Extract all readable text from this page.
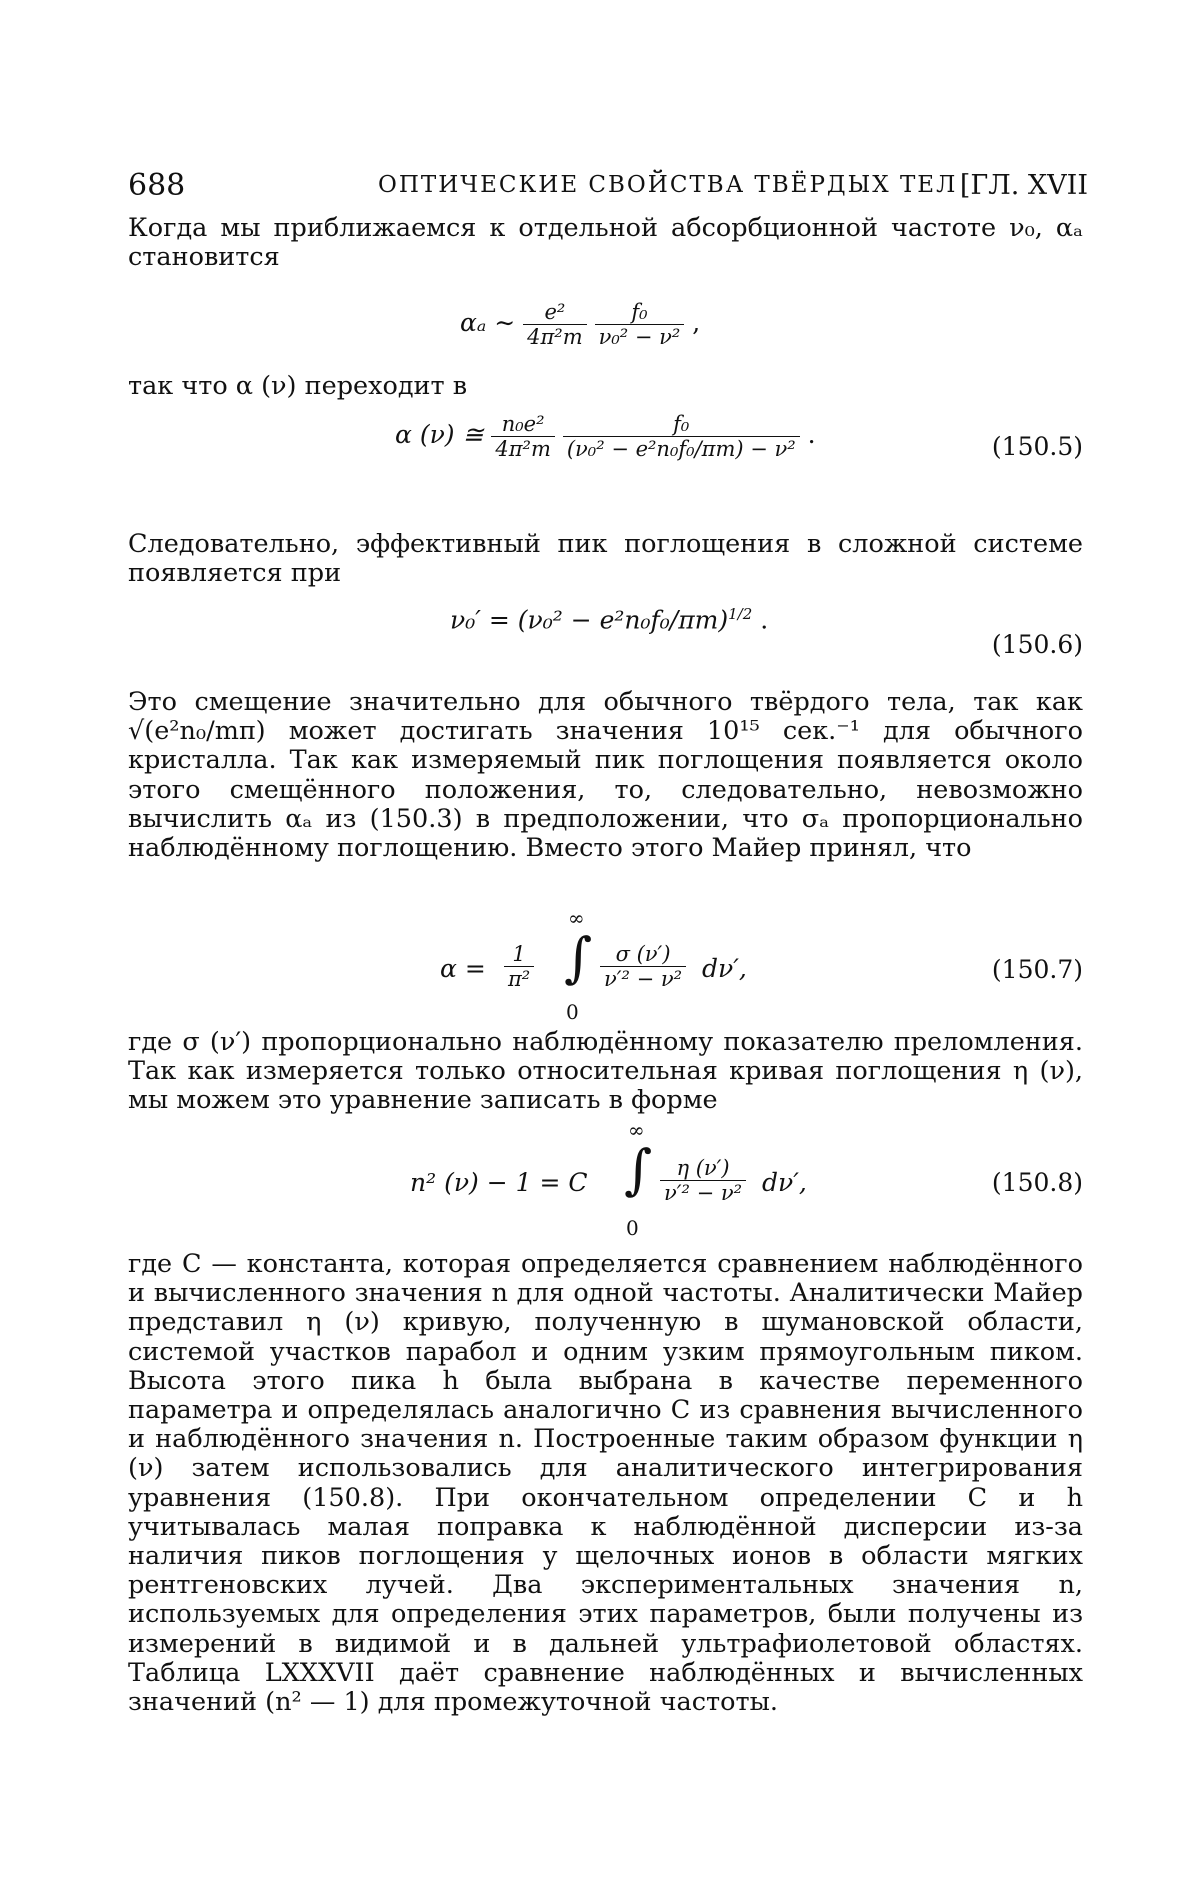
688	ОПТИЧЕСКИЕ СВОЙСТВА ТВЁРДЫХ ТЕЛ [ГЛ. XVII

Когда мы приближаемся к отдельной абсорбционной частоте ν₀, αₐ становится

αₐ ∼ $\frac{\text{e²}}{\text{4π²m}}$
$\frac{\text{f₀}}{\text{ν₀² − ν²}}$ ,

так что α (ν) переходит в

α (ν) ≅ $\frac{\text{n₀e²}}{\text{4π²m}}$
$\frac{\text{f₀}}{\text{(ν₀² − e²n₀f₀/πm) − ν²}}$ .	(150.5)

Следовательно, эффективный пик поглощения в сложной системе появляется при

ν₀′ = (ν₀² − e²n₀f₀/$\pi m)^{1/2}$ .
(150.6)

Это смещение значительно для обычного твёрдого тела, так как √(e²n₀/mπ) может достигать значения 10¹⁵ сек.⁻¹ для обычного кристалла. Так как измеряемый пик поглощения появляется около этого смещённого положения, то, следовательно, невозможно вычислить αₐ из (150.3) в предположении, что σₐ пропорционально наблюдённому поглощению. Вместо этого Майер принял, что

$\alpha = \frac{1}{\text{π²}}$
∞
∫
0
$\frac{\sigma (\nu')}{\text{ν′² − ν²}} d\nu'$,	(150.7)

где σ (ν′) пропорционально наблюдённому показателю преломления. Так как измеряется только относительная кривая поглощения η (ν), мы можем это уравнение записать в форме

n² (ν) − 1 = C
∞
∫
0
$\frac{\eta (\nu')}{\text{ν′² − ν²}} d\nu'$,	(150.8)

где C — константа, которая определяется сравнением наблюдённого и вычисленного значения n для одной частоты. Аналитически Майер представил η (ν) кривую, полученную в шумановской области, системой участков парабол и одним узким прямоугольным пиком. Высота этого пика h была выбрана в качестве переменного параметра и определялась аналогично C из сравнения вычисленного и наблюдённого значения n. Построенные таким образом функции η (ν) затем использовались для аналитического интегрирования уравнения (150.8). При окончательном определении C и h учитывалась малая поправка к наблюдённой дисперсии из-за наличия пиков поглощения у щелочных ионов в области мягких рентгеновских лучей. Два экспериментальных значения n, используемых для определения этих параметров, были получены из измерений в видимой и в дальней ультрафиолетовой областях. Таблица LXXXVII даёт сравнение наблюдённых и вычисленных значений (n² — 1) для промежуточной частоты.
